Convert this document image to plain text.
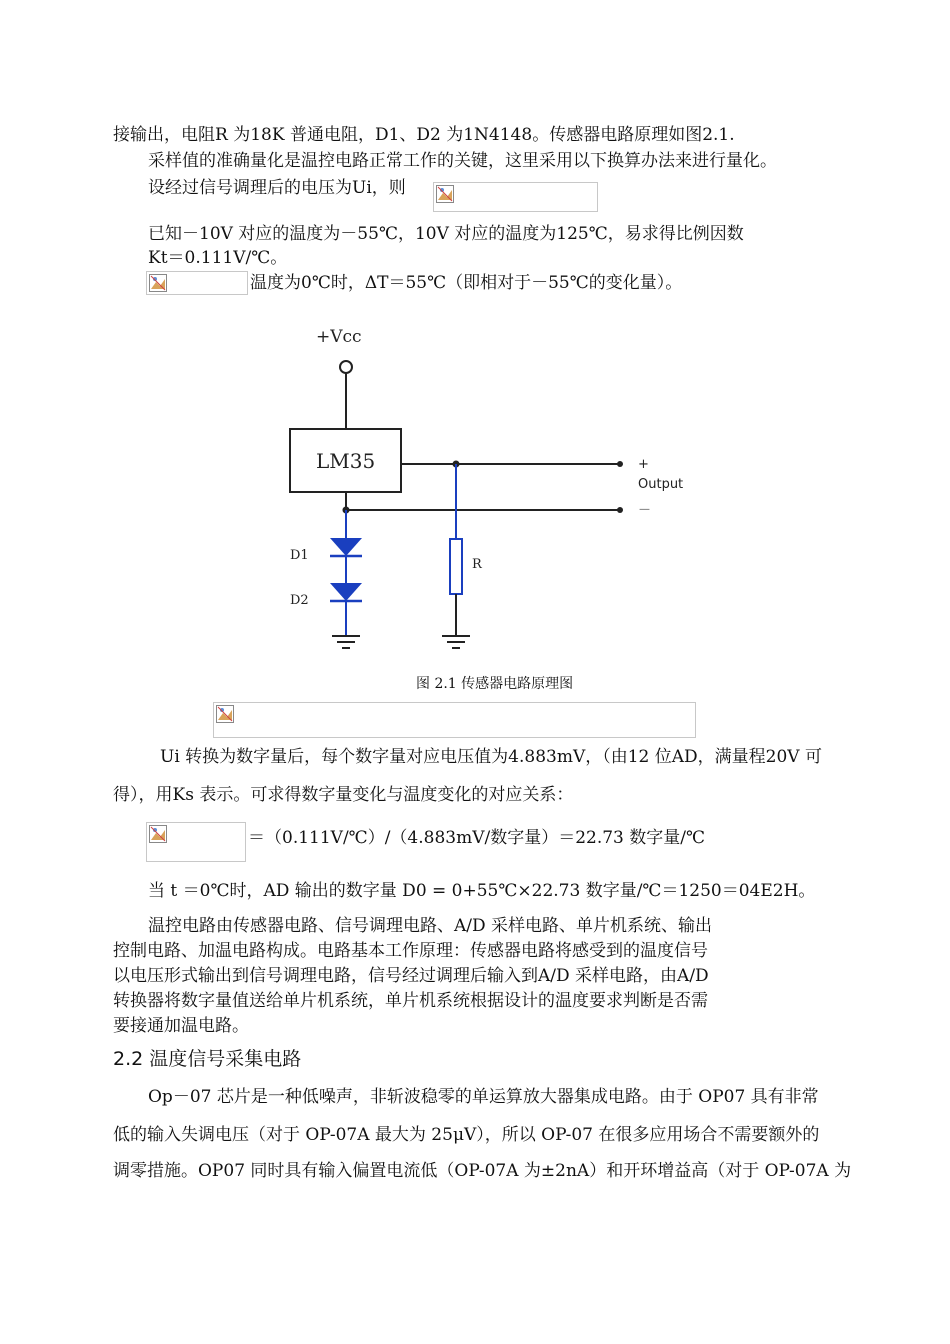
接输出，电阻R 为18K 普通电阻，D1、D2 为1N4148。传感器电路原理如图2.1.
采样值的准确量化是温控电路正常工作的关键，这里采用以下换算办法来进行量化。
设经过信号调理后的电压为Ui，则
已知－10V 对应的温度为－55℃，10V 对应的温度为125℃，易求得比例因数
Kt＝0.111V/℃。
温度为0℃时，ΔT＝55℃（即相对于－55℃的变化量）。
+Vcc
LM35	+
Output
－
D1
D2
R
图 2.1 传感器电路原理图
Ui 转换为数字量后，每个数字量对应电压值为4.883mV，（由12 位AD，满量程20V 可
得），用Ks 表示。可求得数字量变化与温度变化的对应关系：
＝（0.111V/℃）/（4.883mV/数字量）＝22.73 数字量/℃
当 t ＝0℃时，AD 输出的数字量 D0 = 0+55℃×22.73 数字量/℃＝1250＝04E2H。
温控电路由传感器电路、信号调理电路、A/D 采样电路、单片机系统、输出
控制电路、加温电路构成。电路基本工作原理：传感器电路将感受到的温度信号
以电压形式输出到信号调理电路，信号经过调理后输入到A/D 采样电路，由A/D
转换器将数字量值送给单片机系统，单片机系统根据设计的温度要求判断是否需
要接通加温电路。
2.2 温度信号采集电路
Op－07 芯片是一种低噪声，非斩波稳零的单运算放大器集成电路。由于 OP07 具有非常
低的输入失调电压（对于 OP-07A 最大为 25μV），所以 OP-07 在很多应用场合不需要额外的
调零措施。OP07 同时具有输入偏置电流低（OP-07A 为±2nA）和开环增益高（对于 OP-07A 为
